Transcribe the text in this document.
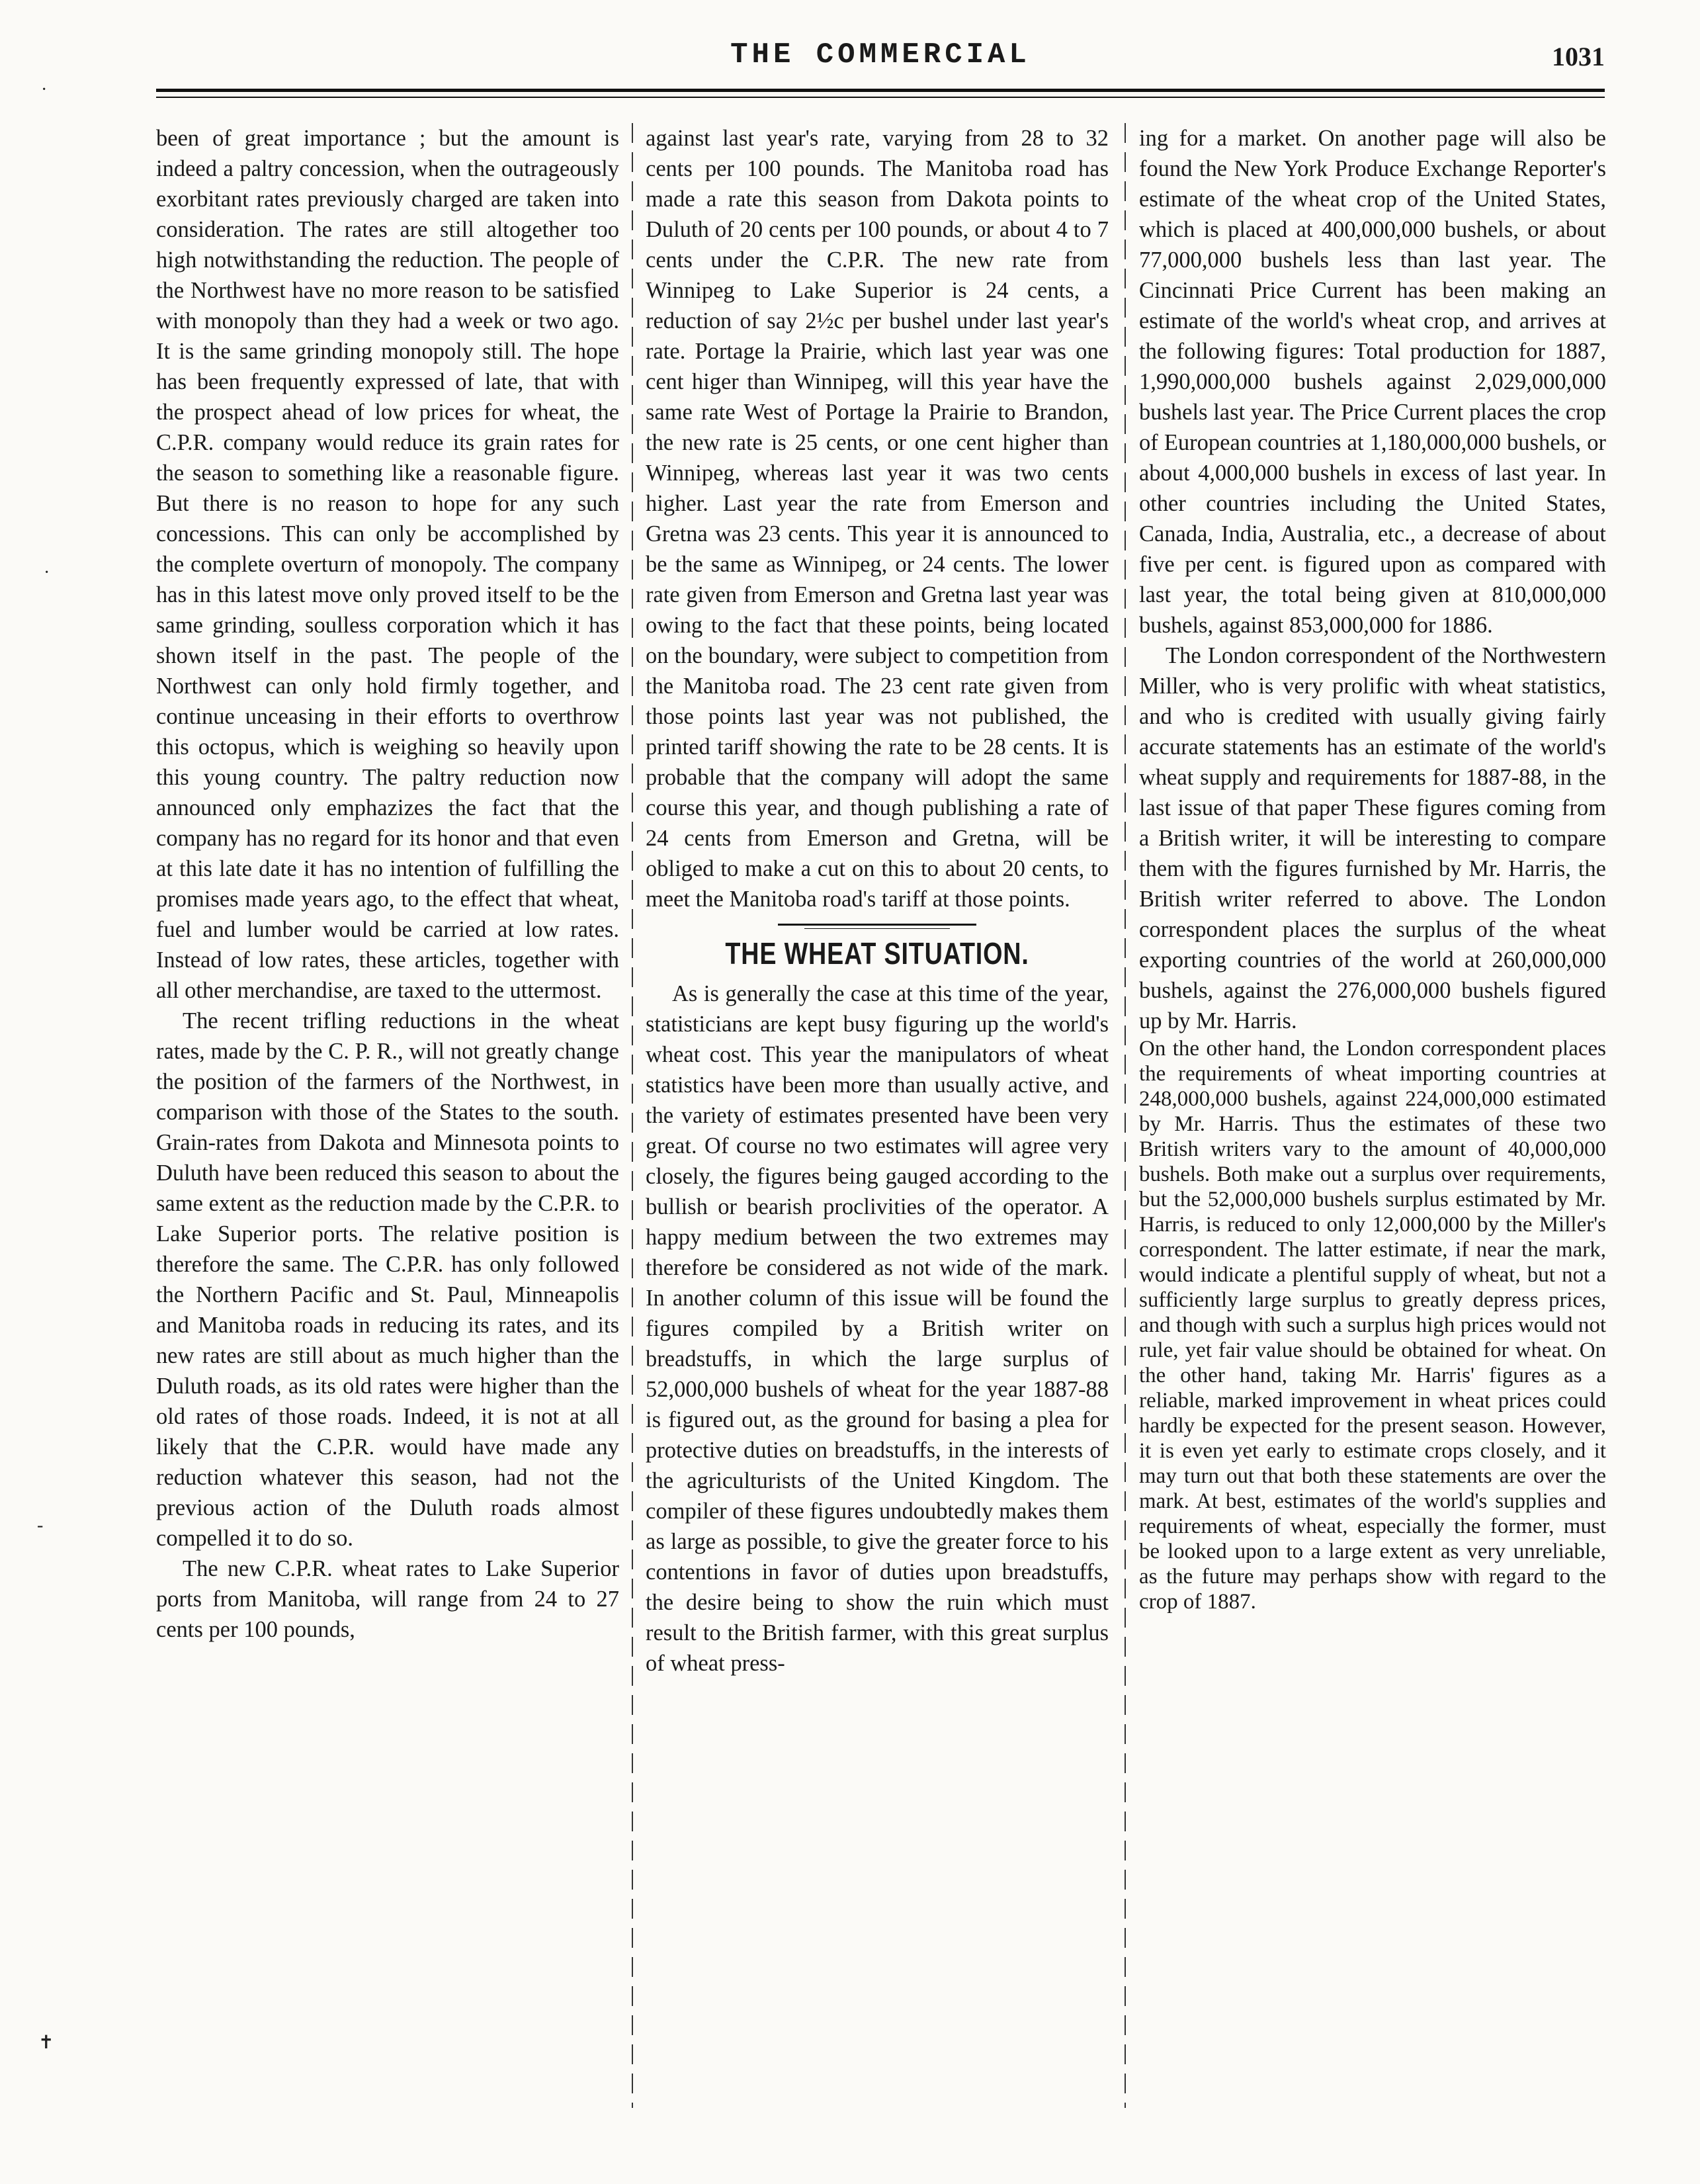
THE COMMERCIAL	1031

been of great importance ; but the amount is indeed a paltry concession, when the outrageously exorbitant rates previously charged are taken into consideration. The rates are still altogether too high notwithstanding the reduction. The people of the Northwest have no more reason to be satisfied with monopoly than they had a week or two ago. It is the same grinding monopoly still. The hope has been frequently expressed of late, that with the prospect ahead of low prices for wheat, the C.P.R. company would reduce its grain rates for the season to something like a reasonable figure. But there is no reason to hope for any such concessions. This can only be accomplished by the complete overturn of monopoly. The company has in this latest move only proved itself to be the same grinding, soulless corporation which it has shown itself in the past. The people of the Northwest can only hold firmly together, and continue unceasing in their efforts to overthrow this octopus, which is weighing so heavily upon this young country. The paltry reduction now announced only emphazizes the fact that the company has no regard for its honor and that even at this late date it has no intention of fulfilling the promises made years ago, to the effect that wheat, fuel and lumber would be carried at low rates. Instead of low rates, these articles, together with all other merchandise, are taxed to the uttermost.

The recent trifling reductions in the wheat rates, made by the C. P. R., will not greatly change the position of the farmers of the Northwest, in comparison with those of the States to the south. Grain-rates from Dakota and Minnesota points to Duluth have been reduced this season to about the same extent as the reduction made by the C.P.R. to Lake Superior ports. The relative position is therefore the same. The C.P.R. has only followed the Northern Pacific and St. Paul, Minneapolis and Manitoba roads in reducing its rates, and its new rates are still about as much higher than the Duluth roads, as its old rates were higher than the old rates of those roads. Indeed, it is not at all likely that the C.P.R. would have made any reduction whatever this season, had not the previous action of the Duluth roads almost compelled it to do so.

The new C.P.R. wheat rates to Lake Superior ports from Manitoba, will range from 24 to 27 cents per 100 pounds,

against last year's rate, varying from 28 to 32 cents per 100 pounds. The Manitoba road has made a rate this season from Dakota points to Duluth of 20 cents per 100 pounds, or about 4 to 7 cents under the C.P.R. The new rate from Winnipeg to Lake Superior is 24 cents, a reduction of say 2½c per bushel under last year's rate. Portage la Prairie, which last year was one cent higer than Winnipeg, will this year have the same rate West of Portage la Prairie to Brandon, the new rate is 25 cents, or one cent higher than Winnipeg, whereas last year it was two cents higher. Last year the rate from Emerson and Gretna was 23 cents. This year it is announced to be the same as Winnipeg, or 24 cents. The lower rate given from Emerson and Gretna last year was owing to the fact that these points, being located on the boundary, were subject to competition from the Manitoba road. The 23 cent rate given from those points last year was not published, the printed tariff showing the rate to be 28 cents. It is probable that the company will adopt the same course this year, and though publishing a rate of 24 cents from Emerson and Gretna, will be obliged to make a cut on this to about 20 cents, to meet the Manitoba road's tariff at those points.

THE WHEAT SITUATION.

As is generally the case at this time of the year, statisticians are kept busy figuring up the world's wheat cost. This year the manipulators of wheat statistics have been more than usually active, and the variety of estimates presented have been very great. Of course no two estimates will agree very closely, the figures being gauged according to the bullish or bearish proclivities of the operator. A happy medium between the two extremes may therefore be considered as not wide of the mark. In another column of this issue will be found the figures compiled by a British writer on breadstuffs, in which the large surplus of 52,000,000 bushels of wheat for the year 1887-88 is figured out, as the ground for basing a plea for protective duties on breadstuffs, in the interests of the agriculturists of the United Kingdom. The compiler of these figures undoubtedly makes them as large as possible, to give the greater force to his contentions in favor of duties upon breadstuffs, the desire being to show the ruin which must result to the British farmer, with this great surplus of wheat press-

ing for a market. On another page will also be found the New York Produce Exchange Reporter's estimate of the wheat crop of the United States, which is placed at 400,000,000 bushels, or about 77,000,000 bushels less than last year. The Cincinnati Price Current has been making an estimate of the world's wheat crop, and arrives at the following figures: Total production for 1887, 1,990,000,000 bushels against 2,029,000,000 bushels last year. The Price Current places the crop of European countries at 1,180,000,000 bushels, or about 4,000,000 bushels in excess of last year. In other countries including the United States, Canada, India, Australia, etc., a decrease of about five per cent. is figured upon as compared with last year, the total being given at 810,000,000 bushels, against 853,000,000 for 1886.

The London correspondent of the Northwestern Miller, who is very prolific with wheat statistics, and who is credited with usually giving fairly accurate statements has an estimate of the world's wheat supply and requirements for 1887-88, in the last issue of that paper These figures coming from a British writer, it will be interesting to compare them with the figures furnished by Mr. Harris, the British writer referred to above. The London correspondent places the surplus of the wheat exporting countries of the world at 260,000,000 bushels, against the 276,000,000 bushels figured up by Mr. Harris.

On the other hand, the London correspondent places the requirements of wheat importing countries at 248,000,000 bushels, against 224,000,000 estimated by Mr. Harris. Thus the estimates of these two British writers vary to the amount of 40,000,000 bushels. Both make out a surplus over requirements, but the 52,000,000 bushels surplus estimated by Mr. Harris, is reduced to only 12,000,000 by the Miller's correspondent. The latter estimate, if near the mark, would indicate a plentiful supply of wheat, but not a sufficiently large surplus to greatly depress prices, and though with such a surplus high prices would not rule, yet fair value should be obtained for wheat. On the other hand, taking Mr. Harris' figures as a reliable, marked improvement in wheat prices could hardly be expected for the present season. However, it is even yet early to estimate crops closely, and it may turn out that both these statements are over the mark. At best, estimates of the world's supplies and requirements of wheat, especially the former, must be looked upon to a large extent as very unreliable, as the future may perhaps show with regard to the crop of 1887.

·
·
‐
✝
